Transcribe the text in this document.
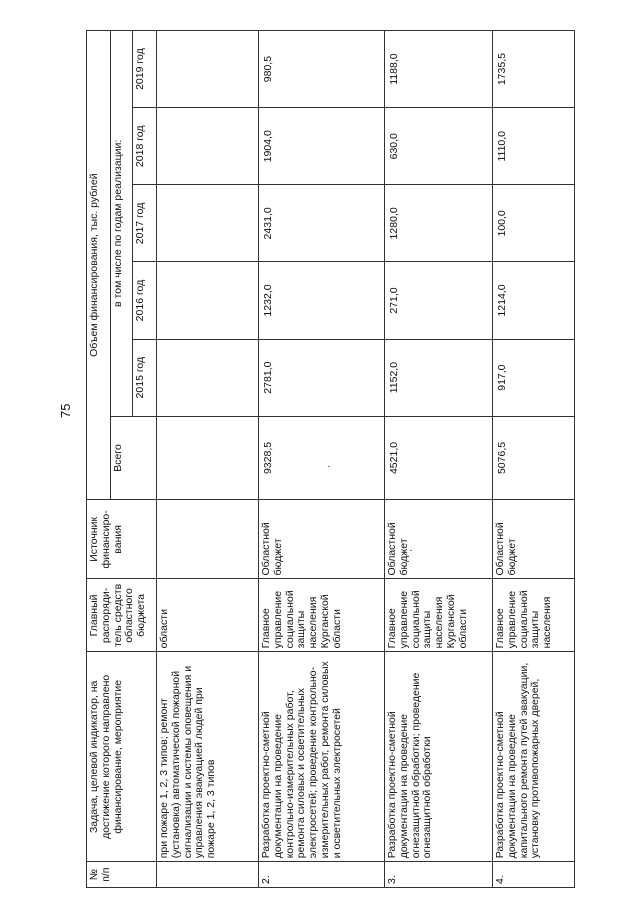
75
№ п/п	Задача, целевой индикатор, на достижение которого направлено финансирование, мероприятие	Главный распоряди-тель средств областного бюджета	Источник финансиро-вания	Объем финансирования, тыс. рублей					
				Всего	в том числе по годам реализации:				
					2015 год	2016 год	2017 год	2018 год	2019 год
	при пожаре 1, 2, 3 типов; ремонт (установка) автоматической пожарной сигнализации и системы оповещения и управления эвакуацией людей при пожаре 1, 2, 3 типов	области							
2.	Разработка проектно-сметной документации на проведение контрольно-измерительных работ, ремонта силовых и осветительных электросетей; проведение контрольно-измерительных работ, ремонта силовых и осветительных электросетей	Главное управление социальной защиты населения Курганской области	Областной бюджет	9328,5	2781,0	1232,0	2431,0	1904,0	980,5
3.	Разработка проектно-сметной документации на проведение огнезащитной обработки; проведение огнезащитной обработки	Главное управление социальной защиты населения Курганской области	Областной бюджет	4521,0	1152,0	271,0	1280,0	630,0	1188,0
4.	Разработка проектно-сметной документации на проведение капитального ремонта путей эвакуации, установку противопожарных дверей,	Главное управление социальной защиты населения	Областной бюджет	5076,5	917,0	1214,0	100,0	1110,0	1735,5
